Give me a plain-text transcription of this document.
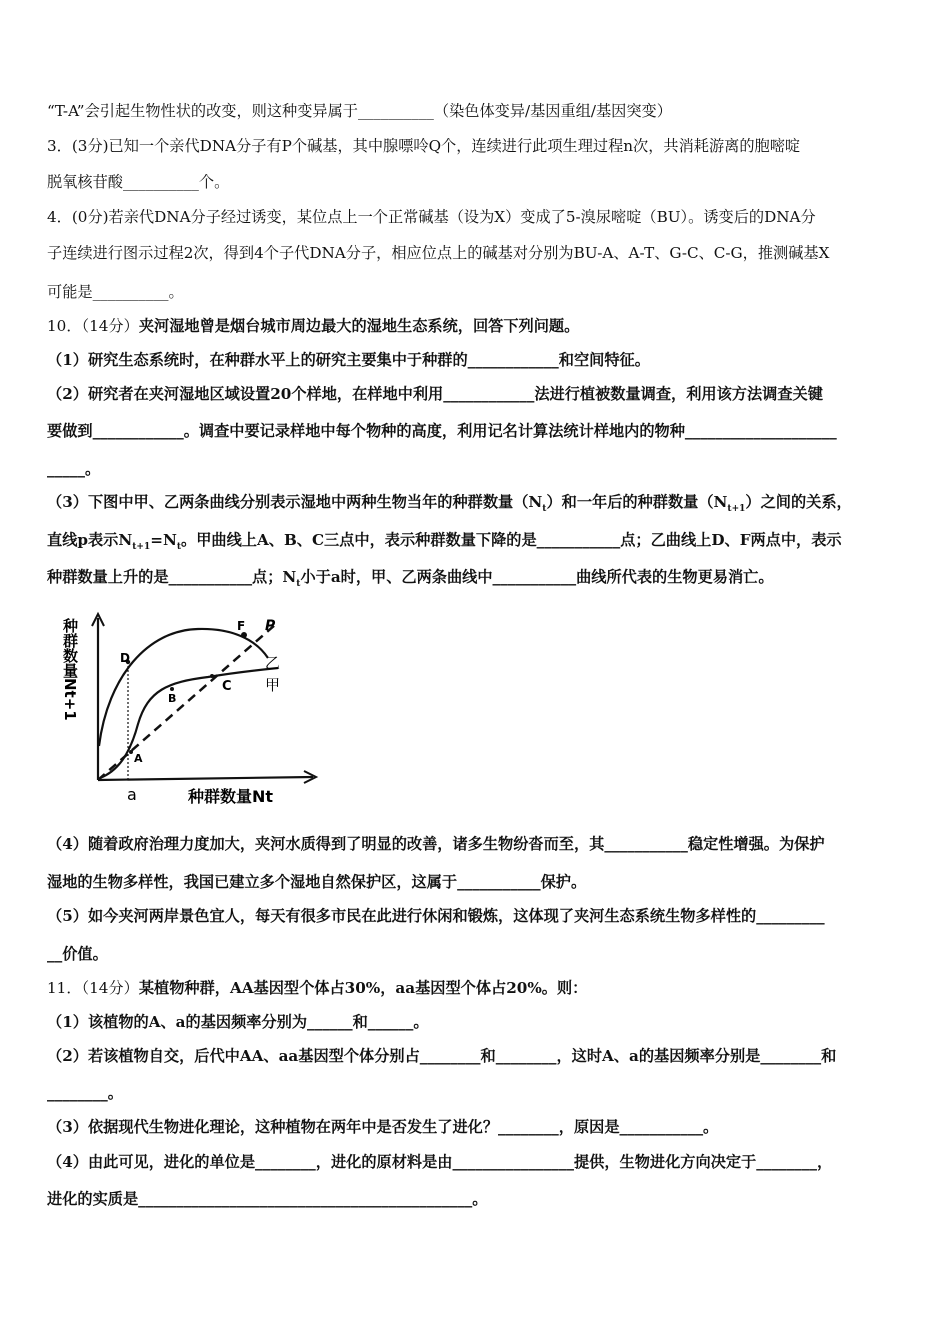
“T-A”会引起生物性状的改变，则这种变异属于__________（染色体变异/基因重组/基因突变）
3．(3分)已知一个亲代DNA分子有P个碱基，其中腺嘌呤Q个，连续进行此项生理过程n次，共消耗游离的胞嘧啶
脱氧核苷酸__________个。
4．(0分)若亲代DNA分子经过诱变，某位点上一个正常碱基（设为X）变成了5-溴尿嘧啶（BU）。诱变后的DNA分
子连续进行图示过程2次，得到4个子代DNA分子，相应位点上的碱基对分别为BU-A、A-T、G-C、C-G，推测碱基X
可能是__________。
10．（14分）夹河湿地曾是烟台城市周边最大的湿地生态系统，回答下列问题。
（1）研究生态系统时，在种群水平上的研究主要集中于种群的____________和空间特征。
（2）研究者在夹河湿地区域设置20个样地，在样地中利用____________法进行植被数量调查，利用该方法调查关键
要做到____________。调查中要记录样地中每个物种的高度，利用记名计算法统计样地内的物种____________________
_____。
（3）下图中甲、乙两条曲线分别表示湿地中两种生物当年的种群数量$(N_t)$和一年后的种群数量$(N_{t+1})$之间的关系，
直线p表示$N_{t+1}=N_t$。甲曲线上A、B、C三点中，表示种群数量下降的是___________点；乙曲线上D、F两点中，表示
种群数量上升的是___________点；$N_t$小于a时，甲、乙两条曲线中___________曲线所代表的生物更易消亡。
种群数量Nt+1
种群数量Nt
a
乙
甲
P
D
F
A
B
C
（4）随着政府治理力度加大，夹河水质得到了明显的改善，诸多生物纷沓而至，其___________稳定性增强。为保护
湿地的生物多样性，我国已建立多个湿地自然保护区，这属于___________保护。
（5）如今夹河两岸景色宜人，每天有很多市民在此进行休闲和锻炼，这体现了夹河生态系统生物多样性的_________
__价值。
11．（14分）某植物种群，AA基因型个体占30%，aa基因型个体占20%。则：
（1）该植物的A、a的基因频率分别为______和______。
（2）若该植物自交，后代中AA、aa基因型个体分别占________和________，这时A、a的基因频率分别是________和
________。
（3）依据现代生物进化理论，这种植物在两年中是否发生了进化？________，原因是___________。
（4）由此可见，进化的单位是________，进化的原材料是由________________提供，生物进化方向决定于________，
进化的实质是____________________________________________。
